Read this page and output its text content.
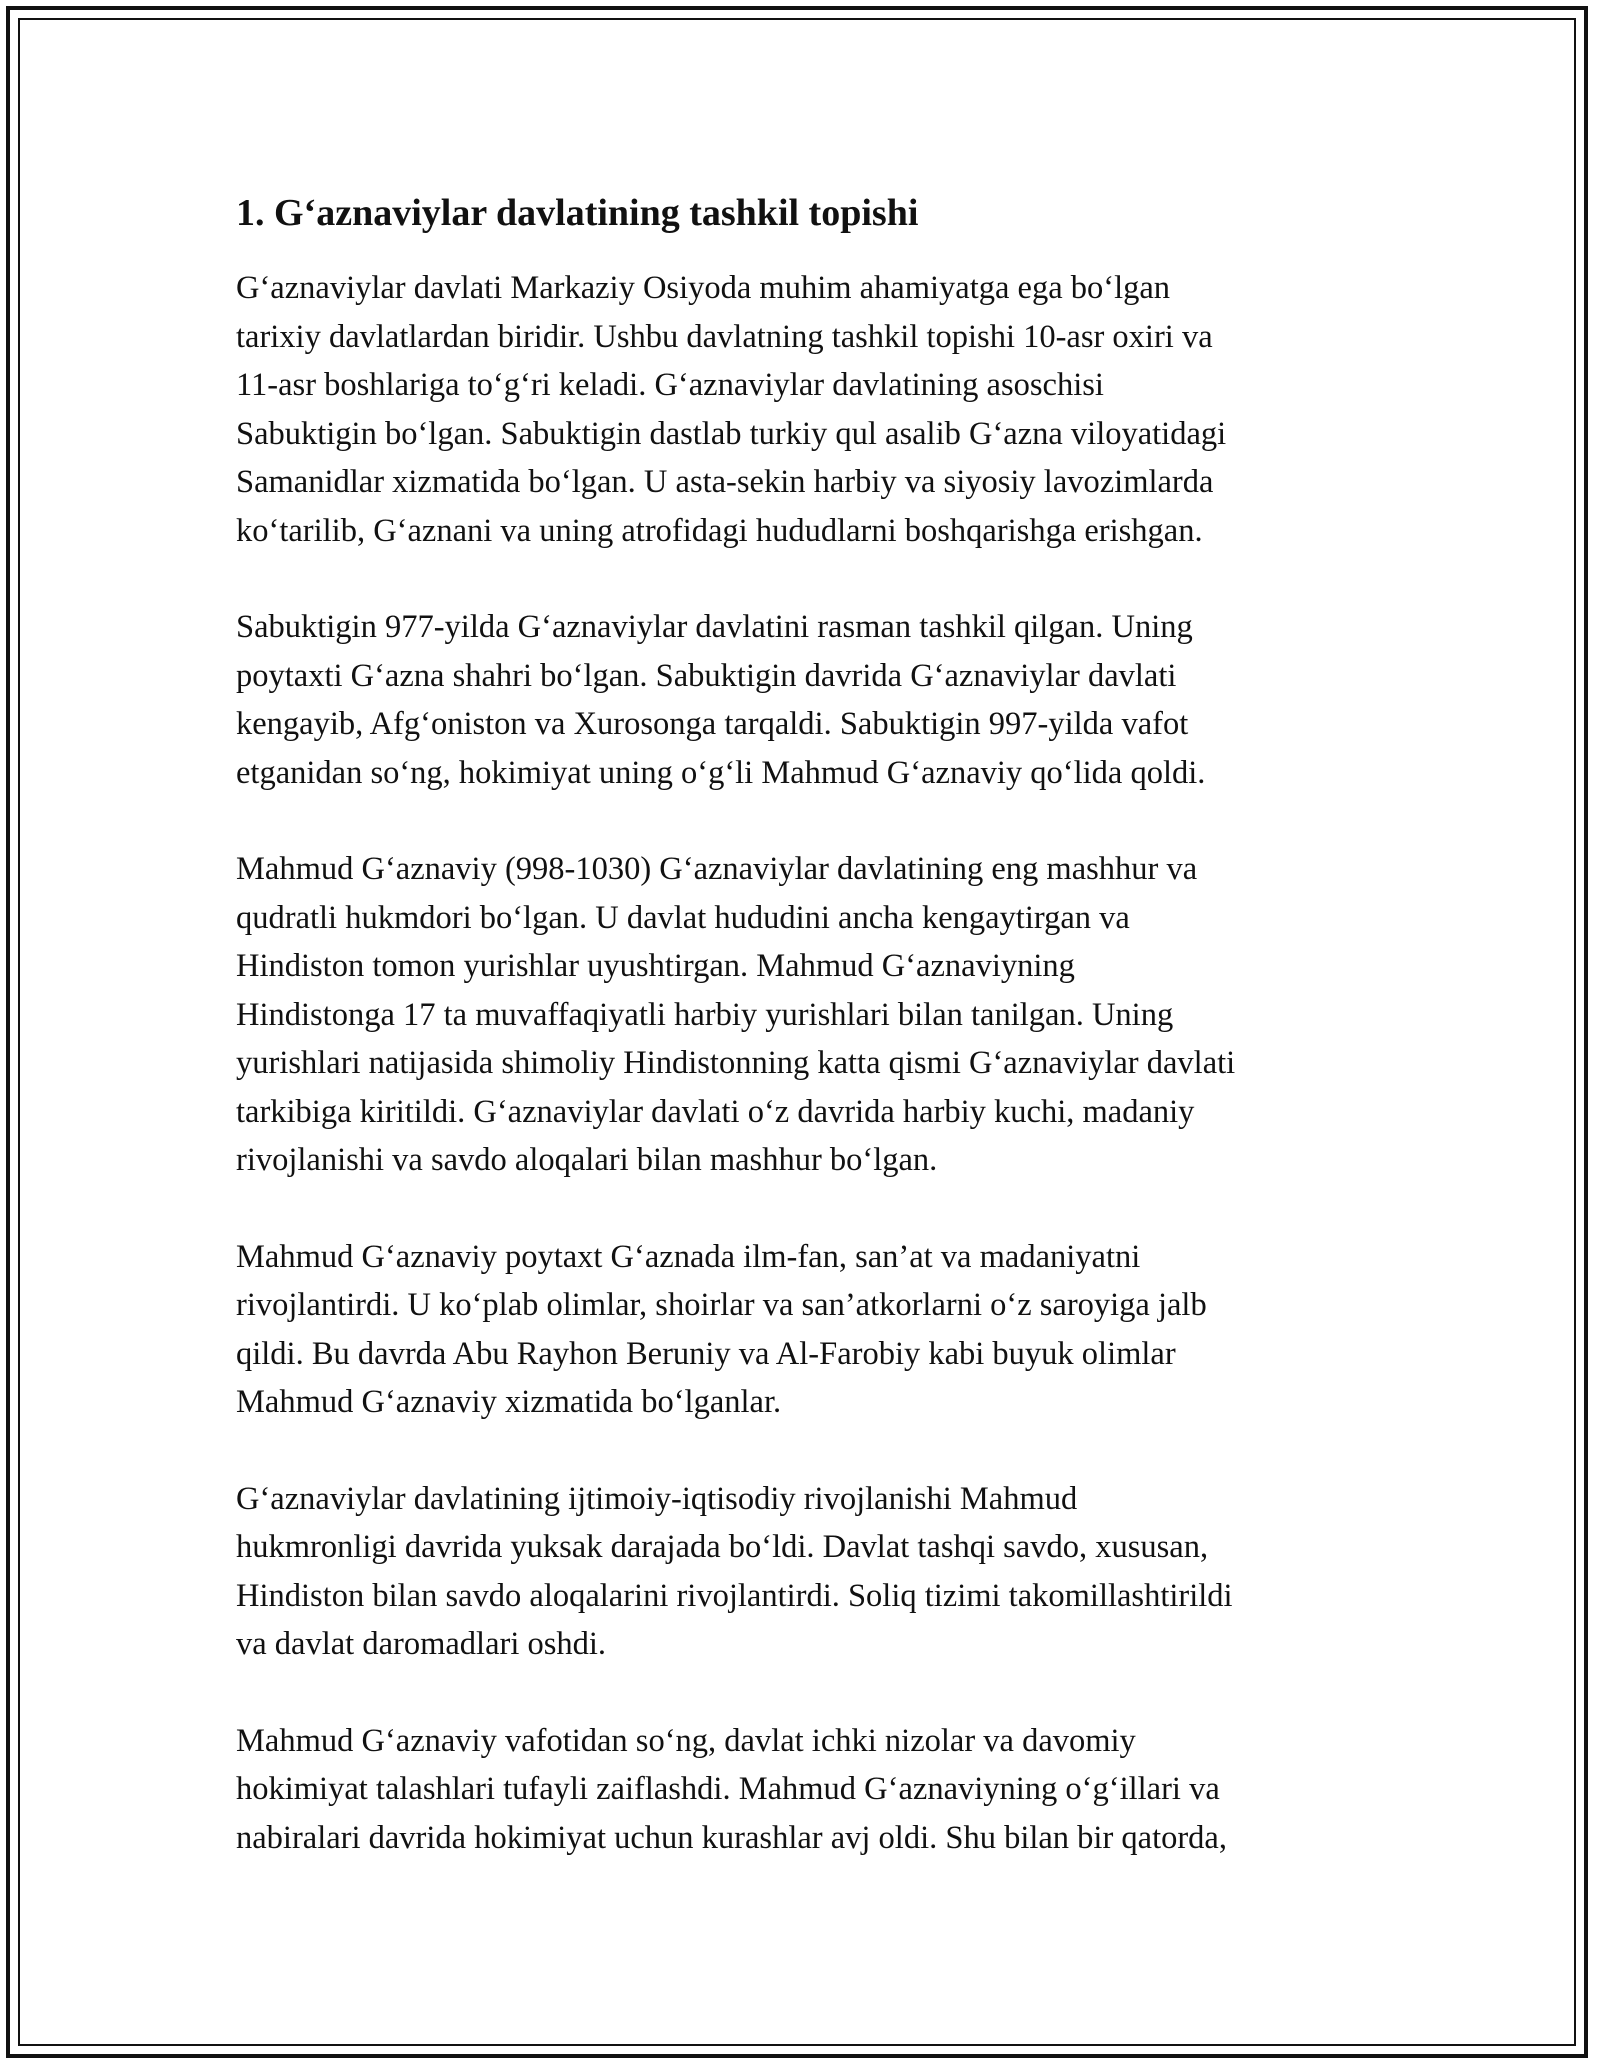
1. G‘aznaviylar davlatining tashkil topishi
G‘aznaviylar davlati Markaziy Osiyoda muhim ahamiyatga ega bo‘lgan
tarixiy davlatlardan biridir. Ushbu davlatning tashkil topishi 10-asr oxiri va
11-asr boshlariga to‘g‘ri keladi. G‘aznaviylar davlatining asoschisi
Sabuktigin bo‘lgan. Sabuktigin dastlab turkiy qul asalib G‘azna viloyatidagi
Samanidlar xizmatida bo‘lgan. U asta-sekin harbiy va siyosiy lavozimlarda
ko‘tarilib, G‘aznani va uning atrofidagi hududlarni boshqarishga erishgan.
Sabuktigin 977-yilda G‘aznaviylar davlatini rasman tashkil qilgan. Uning
poytaxti G‘azna shahri bo‘lgan. Sabuktigin davrida G‘aznaviylar davlati
kengayib, Afg‘oniston va Xurosonga tarqaldi. Sabuktigin 997-yilda vafot
etganidan so‘ng, hokimiyat uning o‘g‘li Mahmud G‘aznaviy qo‘lida qoldi.
Mahmud G‘aznaviy (998-1030) G‘aznaviylar davlatining eng mashhur va
qudratli hukmdori bo‘lgan. U davlat hududini ancha kengaytirgan va
Hindiston tomon yurishlar uyushtirgan. Mahmud G‘aznaviyning
Hindistonga 17 ta muvaffaqiyatli harbiy yurishlari bilan tanilgan. Uning
yurishlari natijasida shimoliy Hindistonning katta qismi G‘aznaviylar davlati
tarkibiga kiritildi. G‘aznaviylar davlati o‘z davrida harbiy kuchi, madaniy
rivojlanishi va savdo aloqalari bilan mashhur bo‘lgan.
Mahmud G‘aznaviy poytaxt G‘aznada ilm-fan, san’at va madaniyatni
rivojlantirdi. U ko‘plab olimlar, shoirlar va san’atkorlarni o‘z saroyiga jalb
qildi. Bu davrda Abu Rayhon Beruniy va Al-Farobiy kabi buyuk olimlar
Mahmud G‘aznaviy xizmatida bo‘lganlar.
G‘aznaviylar davlatining ijtimoiy-iqtisodiy rivojlanishi Mahmud
hukmronligi davrida yuksak darajada bo‘ldi. Davlat tashqi savdo, xususan,
Hindiston bilan savdo aloqalarini rivojlantirdi. Soliq tizimi takomillashtirildi
va davlat daromadlari oshdi.
Mahmud G‘aznaviy vafotidan so‘ng, davlat ichki nizolar va davomiy
hokimiyat talashlari tufayli zaiflashdi. Mahmud G‘aznaviyning o‘g‘illari va
nabiralari davrida hokimiyat uchun kurashlar avj oldi. Shu bilan bir qatorda,
